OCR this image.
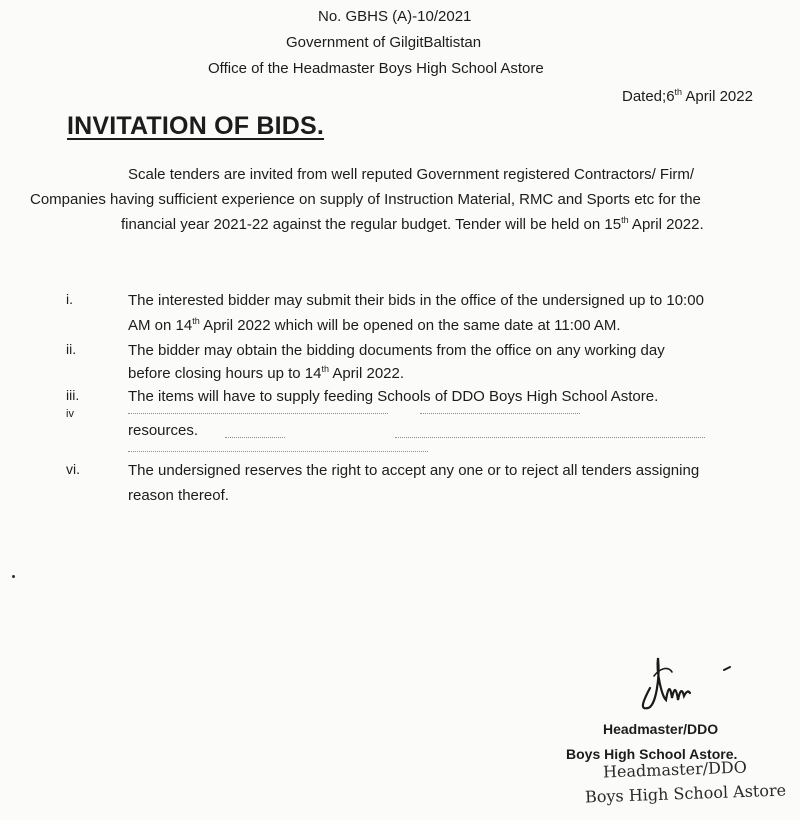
No. GBHS (A)-10/2021
Government of GilgitBaltistan
Office of the Headmaster Boys High School Astore
Dated;6th April 2022
INVITATION OF BIDS.
Scale tenders are invited from well reputed Government registered Contractors/ Firm/
Companies having sufficient experience on supply of Instruction Material, RMC and Sports etc for the
financial year 2021-22 against the regular budget. Tender will be held on 15th April 2022.
i.	The interested bidder may submit their bids in the office of the undersigned up to 10:00
AM on 14th April 2022 which will be opened on the same date at 11:00 AM.
ii.	The bidder may obtain the bidding documents from the office on any working day
before closing hours up to 14th April 2022.
iii.	The items will have to supply feeding Schools of DDO Boys High School Astore.
iv
resources.
vi.	The undersigned reserves the right to accept any one or to reject all tenders assigning
reason thereof.
Headmaster/DDO
Boys High School Astore.
Headmaster/DDO
Boys High School Astore
